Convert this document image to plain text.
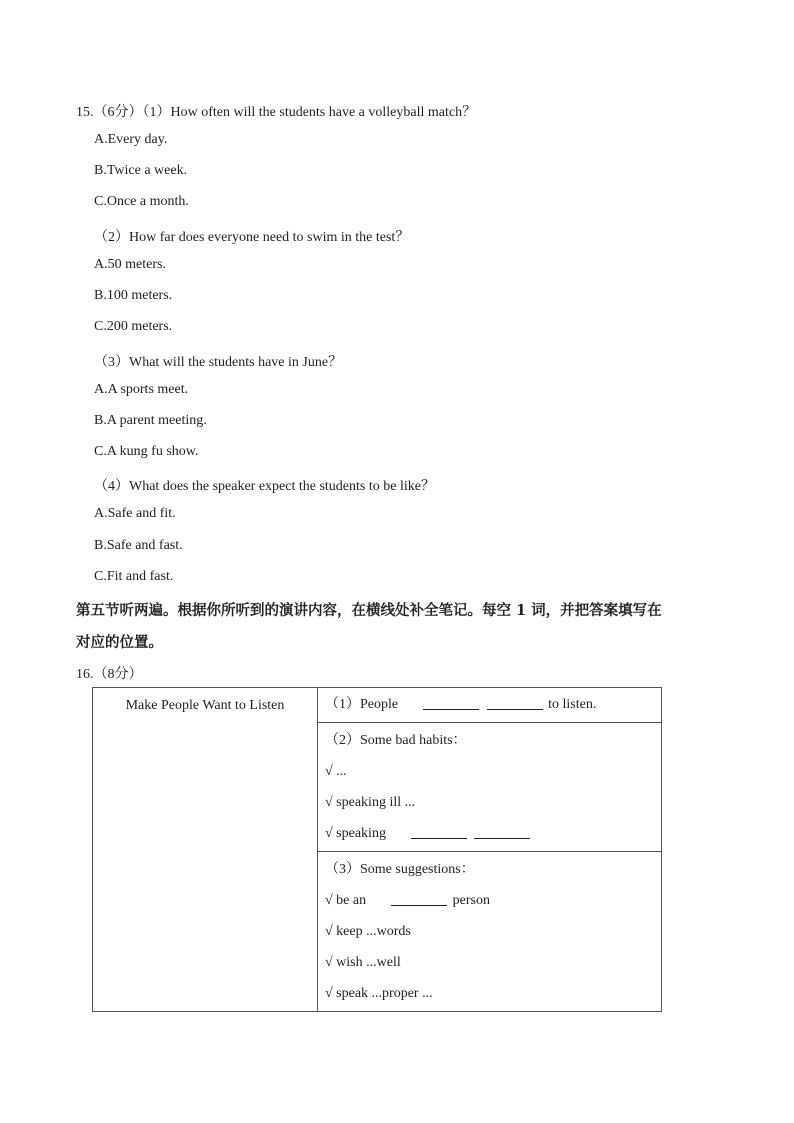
15.（6分）（1）How often will the students have a volleyball match？
A.Every day.
B.Twice a week.
C.Once a month.
（2）How far does everyone need to swim in the test？
A.50 meters.
B.100 meters.
C.200 meters.
（3）What will the students have in June？
A.A sports meet.
B.A parent meeting.
C.A kung fu show.
（4）What does the speaker expect the students to be like？
A.Safe and fit.
B.Safe and fast.
C.Fit and fast.
第五节听两遍。根据你所听到的演讲内容，在横线处补全笔记。每空 1 词，并把答案填写在
对应的位置。
16.（8分）
Make People Want to Listen	（1）People	to listen.

（2）Some bad habits：
√ ...
√ speaking ill ...
√ speaking

（3）Some suggestions：
√ be an	person
√ keep ...words
√ wish ...well
√ speak ...proper ...
